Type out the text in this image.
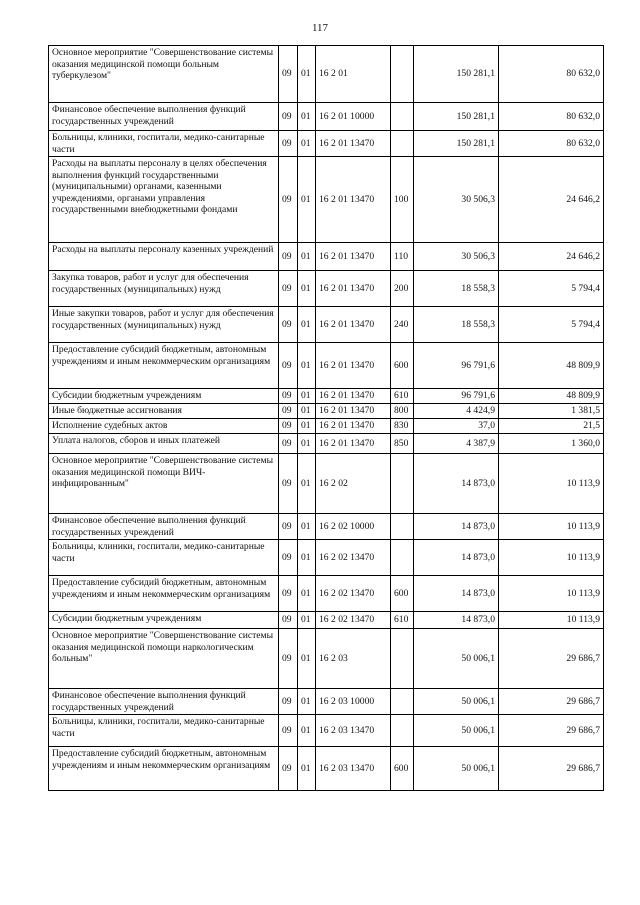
117
Основное мероприятие "Совершенствование системы оказания медицинской помощи больным туберкулезом"	09	01	16 2 01		150 281,1	80 632,0
Финансовое обеспечение выполнения функций государственных учреждений	09	01	16 2 01 10000		150 281,1	80 632,0
Больницы, клиники, госпитали, медико-санитарные части	09	01	16 2 01 13470		150 281,1	80 632,0
Расходы на выплаты персоналу в целях обеспечения выполнения функций государственными (муниципальными) органами, казенными учреждениями, органами управления государственными внебюджетными фондами	09	01	16 2 01 13470	100	30 506,3	24 646,2
Расходы на выплаты персоналу казенных учреждений	09	01	16 2 01 13470	110	30 506,3	24 646,2
Закупка товаров, работ и услуг для обеспечения государственных (муниципальных) нужд	09	01	16 2 01 13470	200	18 558,3	5 794,4
Иные закупки товаров, работ и услуг для обеспечения государственных (муниципальных) нужд	09	01	16 2 01 13470	240	18 558,3	5 794,4
Предоставление субсидий бюджетным, автономным учреждениям и иным некоммерческим организациям	09	01	16 2 01 13470	600	96 791,6	48 809,9
Субсидии бюджетным учреждениям	09	01	16 2 01 13470	610	96 791,6	48 809,9
Иные бюджетные ассигнования	09	01	16 2 01 13470	800	4 424,9	1 381,5
Исполнение судебных актов	09	01	16 2 01 13470	830	37,0	21,5
Уплата налогов, сборов и иных платежей	09	01	16 2 01 13470	850	4 387,9	1 360,0
Основное мероприятие "Совершенствование системы оказания медицинской помощи ВИЧ-инфицированным"	09	01	16 2 02		14 873,0	10 113,9
Финансовое обеспечение выполнения функций государственных учреждений	09	01	16 2 02 10000		14 873,0	10 113,9
Больницы, клиники, госпитали, медико-санитарные части	09	01	16 2 02 13470		14 873,0	10 113,9
Предоставление субсидий бюджетным, автономным учреждениям и иным некоммерческим организациям	09	01	16 2 02 13470	600	14 873,0	10 113,9
Субсидии бюджетным учреждениям	09	01	16 2 02 13470	610	14 873,0	10 113,9
Основное мероприятие "Совершенствование системы оказания медицинской помощи наркологическим больным"	09	01	16 2 03		50 006,1	29 686,7
Финансовое обеспечение выполнения функций государственных учреждений	09	01	16 2 03 10000		50 006,1	29 686,7
Больницы, клиники, госпитали, медико-санитарные части	09	01	16 2 03 13470		50 006,1	29 686,7
Предоставление субсидий бюджетным, автономным учреждениям и иным некоммерческим организациям	09	01	16 2 03 13470	600	50 006,1	29 686,7
